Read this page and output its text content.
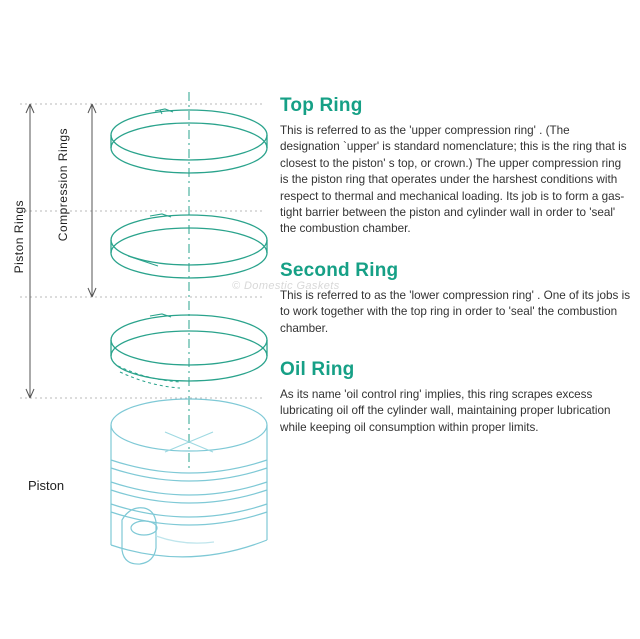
Piston Rings	Compression Rings
Piston
© Domestic Gaskets
Top Ring

This is referred to as the 'upper compression ring' . (The designation `upper' is standard nomenclature; this is the ring that is closest to the piston' s top, or crown.) The upper compression ring is the piston ring that operates under the harshest conditions with respect to thermal and mechanical loading. Its job is to form a gas-tight barrier between the piston and cylinder wall in order to 'seal' the combustion chamber.

Second Ring

This is referred to as the 'lower compression ring' . One of its jobs is to work together with the top ring in order to 'seal' the combustion chamber.

Oil Ring

As its name 'oil control ring' implies, this ring scrapes excess lubricating oil off the cylinder wall, maintaining proper lubrication while keeping oil consumption within proper limits.
